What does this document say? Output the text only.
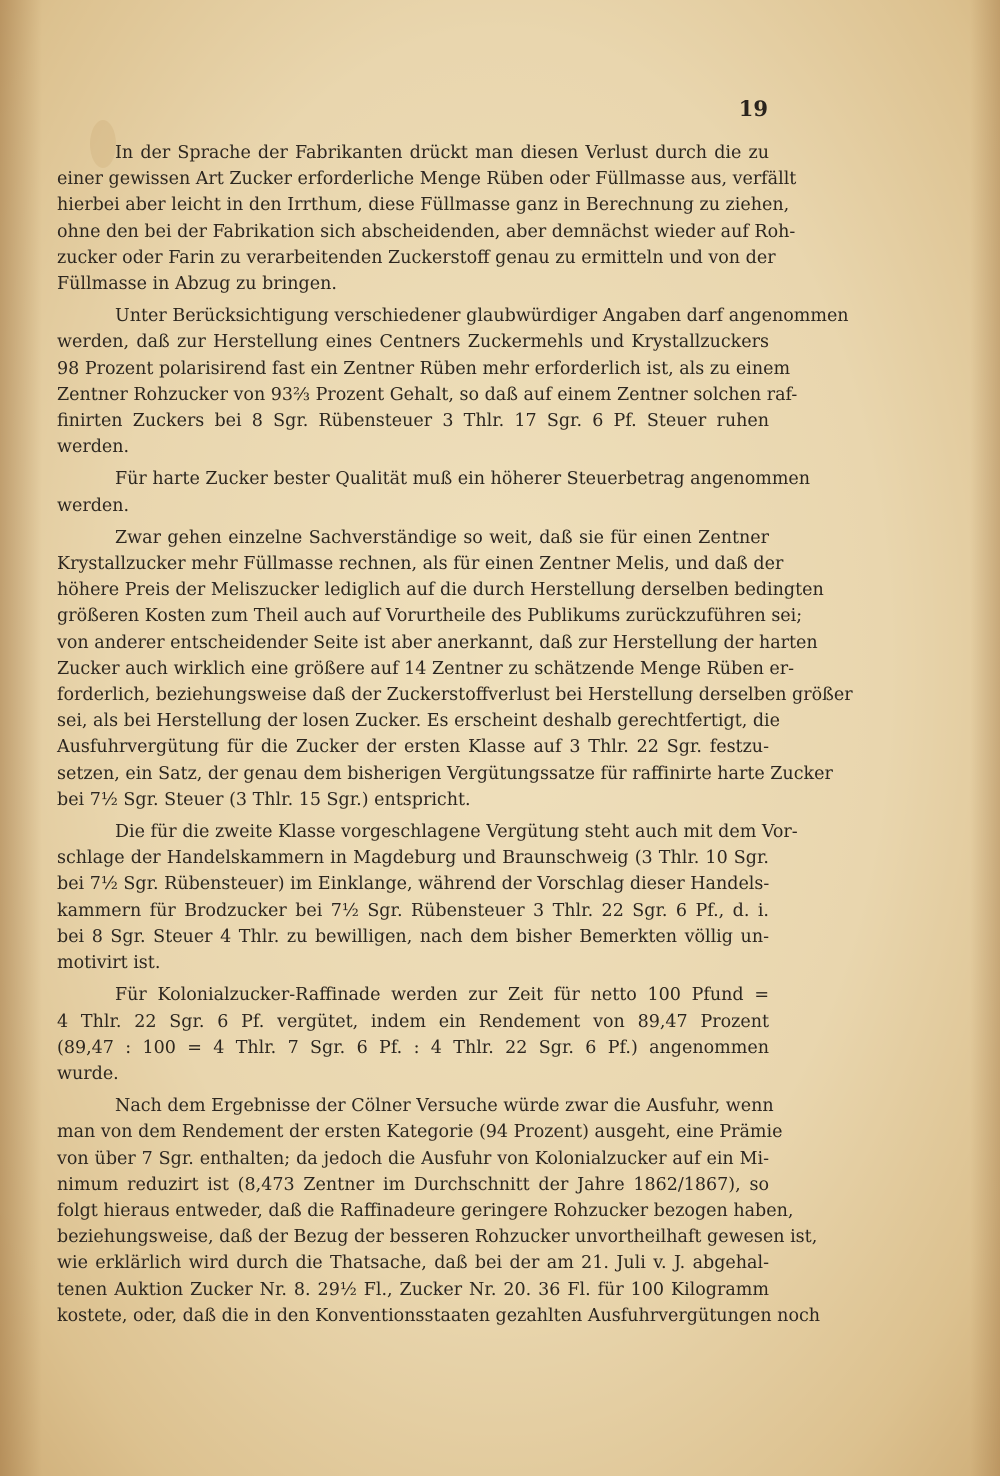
19
In der Sprache der Fabrikanten drückt man diesen Verlust durch die zu
einer gewissen Art Zucker erforderliche Menge Rüben oder Füllmasse aus, verfällt
hierbei aber leicht in den Irrthum, diese Füllmasse ganz in Berechnung zu ziehen,
ohne den bei der Fabrikation sich abscheidenden, aber demnächst wieder auf Roh-
zucker oder Farin zu verarbeitenden Zuckerstoff genau zu ermitteln und von der
Füllmasse in Abzug zu bringen.
Unter Berücksichtigung verschiedener glaubwürdiger Angaben darf angenommen
werden, daß zur Herstellung eines Centners Zuckermehls und Krystallzuckers
98 Prozent polarisirend fast ein Zentner Rüben mehr erforderlich ist, als zu einem
Zentner Rohzucker von 93⅔ Prozent Gehalt, so daß auf einem Zentner solchen raf-
finirten Zuckers bei 8 Sgr. Rübensteuer 3 Thlr. 17 Sgr. 6 Pf. Steuer ruhen
werden.
Für harte Zucker bester Qualität muß ein höherer Steuerbetrag angenommen
werden.
Zwar gehen einzelne Sachverständige so weit, daß sie für einen Zentner
Krystallzucker mehr Füllmasse rechnen, als für einen Zentner Melis, und daß der
höhere Preis der Meliszucker lediglich auf die durch Herstellung derselben bedingten
größeren Kosten zum Theil auch auf Vorurtheile des Publikums zurückzuführen sei;
von anderer entscheidender Seite ist aber anerkannt, daß zur Herstellung der harten
Zucker auch wirklich eine größere auf 14 Zentner zu schätzende Menge Rüben er-
forderlich, beziehungsweise daß der Zuckerstoffverlust bei Herstellung derselben größer
sei, als bei Herstellung der losen Zucker. Es erscheint deshalb gerechtfertigt, die
Ausfuhrvergütung für die Zucker der ersten Klasse auf 3 Thlr. 22 Sgr. festzu-
setzen, ein Satz, der genau dem bisherigen Vergütungssatze für raffinirte harte Zucker
bei 7½ Sgr. Steuer (3 Thlr. 15 Sgr.) entspricht.
Die für die zweite Klasse vorgeschlagene Vergütung steht auch mit dem Vor-
schlage der Handelskammern in Magdeburg und Braunschweig (3 Thlr. 10 Sgr.
bei 7½ Sgr. Rübensteuer) im Einklange, während der Vorschlag dieser Handels-
kammern für Brodzucker bei 7½ Sgr. Rübensteuer 3 Thlr. 22 Sgr. 6 Pf., d. i.
bei 8 Sgr. Steuer 4 Thlr. zu bewilligen, nach dem bisher Bemerkten völlig un-
motivirt ist.
Für Kolonialzucker-Raffinade werden zur Zeit für netto 100 Pfund =
4 Thlr. 22 Sgr. 6 Pf. vergütet, indem ein Rendement von 89,47 Prozent
(89,47 : 100 = 4 Thlr. 7 Sgr. 6 Pf. : 4 Thlr. 22 Sgr. 6 Pf.) angenommen
wurde.
Nach dem Ergebnisse der Cölner Versuche würde zwar die Ausfuhr, wenn
man von dem Rendement der ersten Kategorie (94 Prozent) ausgeht, eine Prämie
von über 7 Sgr. enthalten; da jedoch die Ausfuhr von Kolonialzucker auf ein Mi-
nimum reduzirt ist (8,473 Zentner im Durchschnitt der Jahre 1862/1867), so
folgt hieraus entweder, daß die Raffinadeure geringere Rohzucker bezogen haben,
beziehungsweise, daß der Bezug der besseren Rohzucker unvortheilhaft gewesen ist,
wie erklärlich wird durch die Thatsache, daß bei der am 21. Juli v. J. abgehal-
tenen Auktion Zucker Nr. 8. 29½ Fl., Zucker Nr. 20. 36 Fl. für 100 Kilogramm
kostete, oder, daß die in den Konventionsstaaten gezahlten Ausfuhrvergütungen noch
